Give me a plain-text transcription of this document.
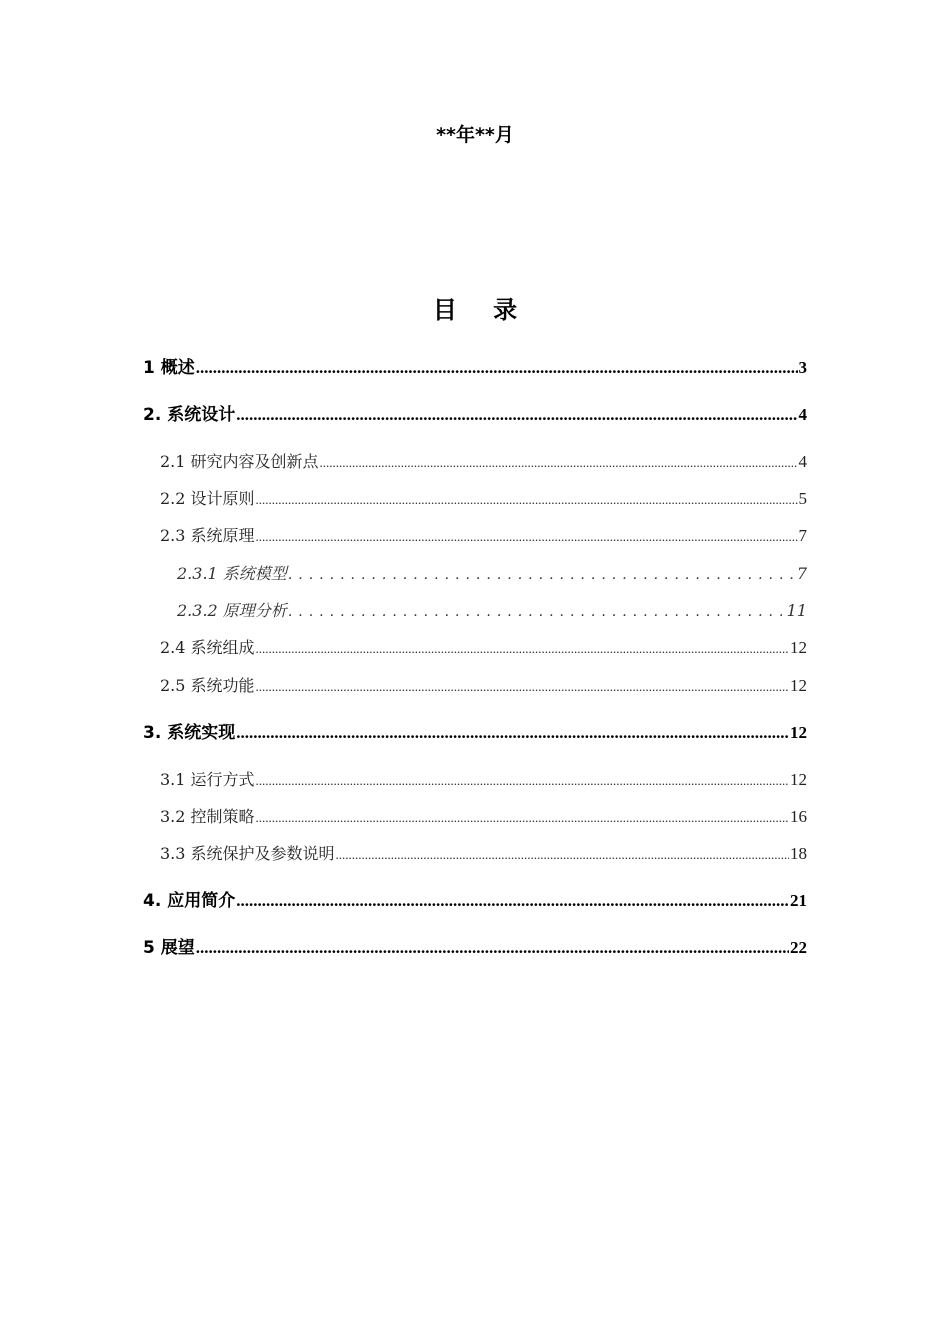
**年**月
目 录
1 概述 .....	3
2. 系统设计 .....	4
2.1 研究内容及创新点 .....	4
2.2 设计原则 .....	5
2.3 系统原理 .....	7
2.3.1 系统模型 .....	7
2.3.2 原理分析 .....	11
2.4 系统组成 .....	12
2.5 系统功能 .....	12
3. 系统实现 .....	12
3.1 运行方式 .....	12
3.2 控制策略 .....	16
3.3 系统保护及参数说明 .....	18
4. 应用简介 .....	21
5 展望 .....	22
